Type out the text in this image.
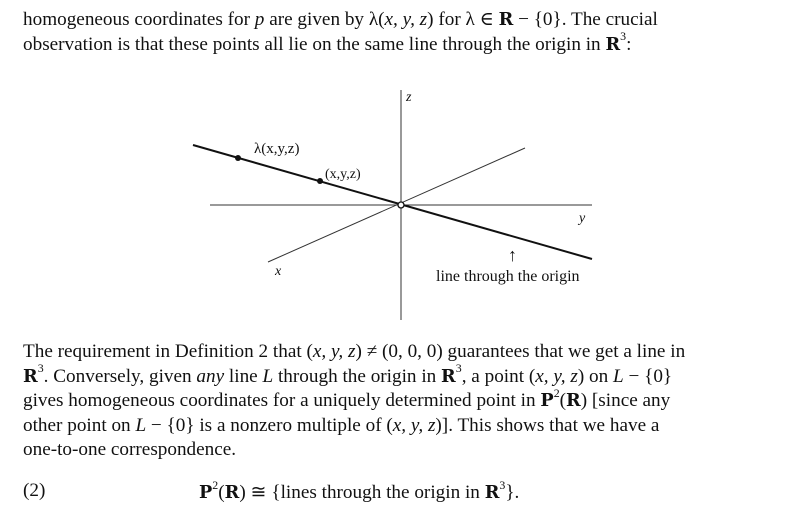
homogeneous coordinates for p are given by λ(x, y, z) for λ ∈ R − {0}. The crucial
observation is that these points all lie on the same line through the origin in $R^3$:

z
y
x
λ(x,y,z)
(x,y,z)
↑
line through the origin

The requirement in Definition 2 that (x, y, z) ≠ (0, 0, 0) guarantees that we get a line in
$R^3$. Conversely, given any line L through the origin in $R^3$, a point (x, y, z) on L − {0}
gives homogeneous coordinates for a uniquely determined point in $P^2(R)$ [since any
other point on L − {0} is a nonzero multiple of (x, y, z)]. This shows that we have a
one-to-one correspondence.

(2)	$P^2(R)$ ≅ {lines through the origin in $R^3$}.
